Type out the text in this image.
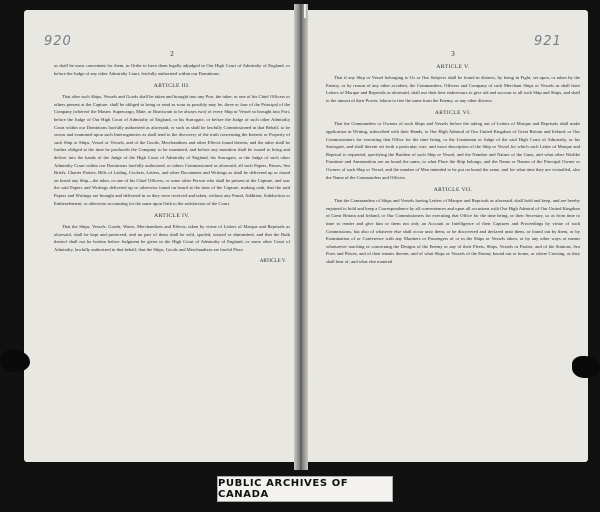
2

as shall be most convenient for them, in Order to have them legally adjudged in Our High Court of Admiralty of England, or before the Judge of any other Admiralty Court, lawfully authorized within our Dominions.

ARTICLE III.

That after such Ships, Vessels and Goods shall be taken and brought into any Port, the taker, or one of his Chief Officers or others present at the Capture, shall be obliged to bring or send as soon as possibly may be, three or four of the Principal of the Company (whereof the Master, Supercargo, Mate, or Boatswain to be always two) of every Ship or Vessel so brought into Port, before the Judge of Our High Court of Admiralty of England, or his Surrogate, or before the Judge of such other Admiralty Court within our Dominions lawfully authorized as aforesaid, or such as shall be lawfully Commissioned in that Behalf, to be sworn and examined upon such Interrogatories as shall tend to the discovery of the truth concerning the Interest or Property of such Ship or Ships, Vessel or Vessels, and of the Goods, Merchandizes and other Effects found therein; and the taker shall be further obliged at the time he produceth the Company to be examined, and before any monition shall be issued to bring and deliver into the hands of the Judge of the High Court of Admiralty of England, his Surrogate, or the Judge of such other Admiralty Court within our Dominions lawfully authorized, or others Commissioned as aforesaid, all such Papers, Passes, Sea Briefs, Charter Parties, Bills of Lading, Cockets, Letters, and other Documents and Writings as shall be delivered up or found on board any Ship—the taker, or one of his Chief Officers, or some other Person who shall be present at the Capture, and saw the said Papers and Writings delivered up or otherwise found on board at the time of the Capture, making oath, that the said Papers and Writings are brought and delivered in as they were received and taken, without any Fraud, Addition, Subduction or Embezzlement, or otherwise accounting for the same upon Oath to the satisfaction of the Court.

ARTICLE IV.

That the Ships, Vessels, Goods, Wares, Merchandizes and Effects, taken by virtue of Letters of Marque and Reprisals as aforesaid, shall be kept and preserved, and no part of them shall be sold, spoiled, wasted or diminished, and that the Bulk thereof shall not be broken before Judgment be given in the High Court of Admiralty of England, or some other Court of Admiralty, lawfully authorized in that behalf, that the Ships, Goods and Merchandizes are lawful Prize.

ARTICLE V.
3
ARTICLE V.

That if any Ship or Vessel belonging to Us or Our Subjects shall be found in distress, by being in Fight, set upon, or taken by the Enemy, or by reason of any other accident, the Commanders, Officers and Company of such Merchant Ships or Vessels as shall have Letters of Marque and Reprisals as aforesaid, shall use their best endeavours to give aid and succour to all such Ship and Ships, and shall to the utmost of their Power, labour to free the same from the Enemy, or any other distress.

ARTICLE VI.

That the Commanders or Owners of such Ships and Vessels before the taking out of Letters of Marque and Reprisals shall make application in Writing, subscribed with their Hands, to Our High Admiral of Our United Kingdom of Great Britain and Ireland, or Our Commissioners for executing that Office for the time being, or the Lieutenant or Judge of the said High Court of Admiralty, or his Surrogate, and shall therein set forth a particular, true, and exact description of the Ship or Vessel for which such Letter of Marque and Reprisal is requested, specifying the Burthen of such Ship or Vessel, and the Number and Nature of the Guns, and what other Warlike Furniture and Ammunition are on board the same, to what Place the Ship belongs, and the Name or Names of the Principal Owner or Owners of such Ship or Vessel, and the number of Men intended to be put on board the same, and for what time they are victualled, also the Name of the Commanders and Officers.

ARTICLE VII.

That the Commanders of Ships and Vessels having Letters of Marque and Reprisals as aforesaid, shall hold and keep, and are hereby enjoined to hold and keep a Correspondence by all conveniences and upon all occasions with Our High Admiral of Our United Kingdom of Great Britain and Ireland, or Our Commissioners for executing that Office for the time being, or their Secretary, so as from time to time to render and give him or them not only an Account or Intelligence of their Captures and Proceedings by virtue of such Commissions, but also of whatever else shall occur unto them, or be discovered and declared unto them, or found out by them, or by Examination of or Conference with any Mariners or Passengers of or in the Ships or Vessels taken, or by any other ways or means whatsoever touching or concerning the Designs of the Enemy or any of their Fleets, Ships, Vessels or Parties, and of the Stations, Sea Ports and Places, and of their intents therein, and of what Ships or Vessels of the Enemy bound out or home, or where Cruising, as they shall hear of, and what else material

920	921
PUBLIC ARCHIVES OF CANADA
